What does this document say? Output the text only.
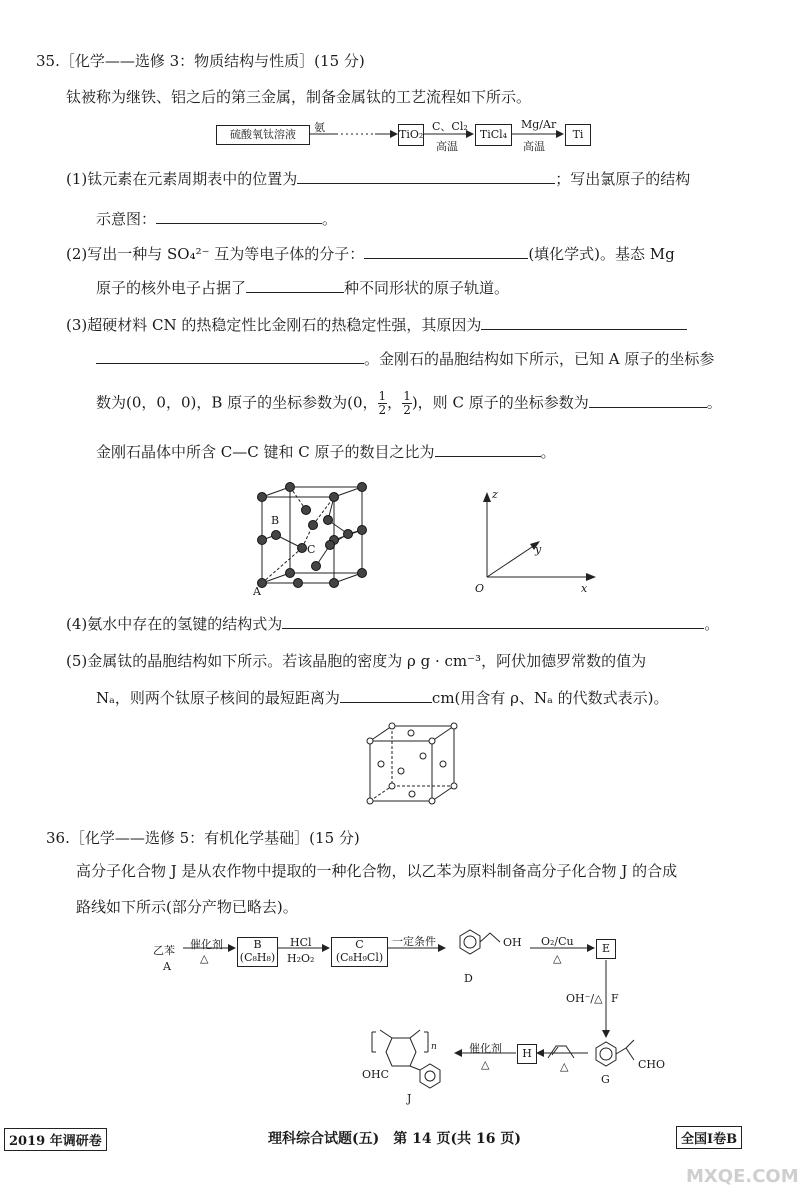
35.［化学——选修 3：物质结构与性质］(15 分)
钛被称为继铁、铝之后的第三金属，制备金属钛的工艺流程如下所示。
硫酸氧钛溶液
氨
TiO₂
C、Cl₂
高温
TiCl₄
Mg/Ar
高温
Ti
(1)钛元素在元素周期表中的位置为	；写出氯原子的结构
示意图：	。
(2)写出一种与 SO₄²⁻ 互为等电子体的分子：	(填化学式)。基态 Mg
原子的核外电子占据了	种不同形状的原子轨道。
(3)超硬材料 CN 的热稳定性比金刚石的热稳定性强，其原因为
。金刚石的晶胞结构如下所示，已知 A 原子的坐标参
数为(0，0，0)，B 原子的坐标参数为(0， $\frac{1}{2}$ ， $\frac{1}{2}$ )，则 C 原子的坐标参数为	。
金刚石晶体中所含 C—C 键和 C 原子的数目之比为	。
B
C
A
z
y
x
O
(4)氨水中存在的氢键的结构式为	。
(5)金属钛的晶胞结构如下所示。若该晶胞的密度为 ρ g · cm⁻³，阿伏加德罗常数的值为
Nₐ，则两个钛原子核间的最短距离为	cm(用含有 ρ、Nₐ 的代数式表示)。
36.［化学——选修 5：有机化学基础］(15 分)
高分子化合物 J 是从农作物中提取的一种化合物，以乙苯为原料制备高分子化合物 J 的合成
路线如下所示(部分产物已略去)。
乙苯
A
催化剂
△
B
(C₈H₈)
HCl
H₂O₂
C
(C₈H₉Cl)
一定条件	OH
D
O₂/Cu
△
E
OH⁻/△ F
CHO
G
△
H
催化剂
△
OHC
n
J
2019 年调研卷	理科综合试题(五)　第 14 页(共 16 页)	全国Ⅰ卷B
MXQE.COM
